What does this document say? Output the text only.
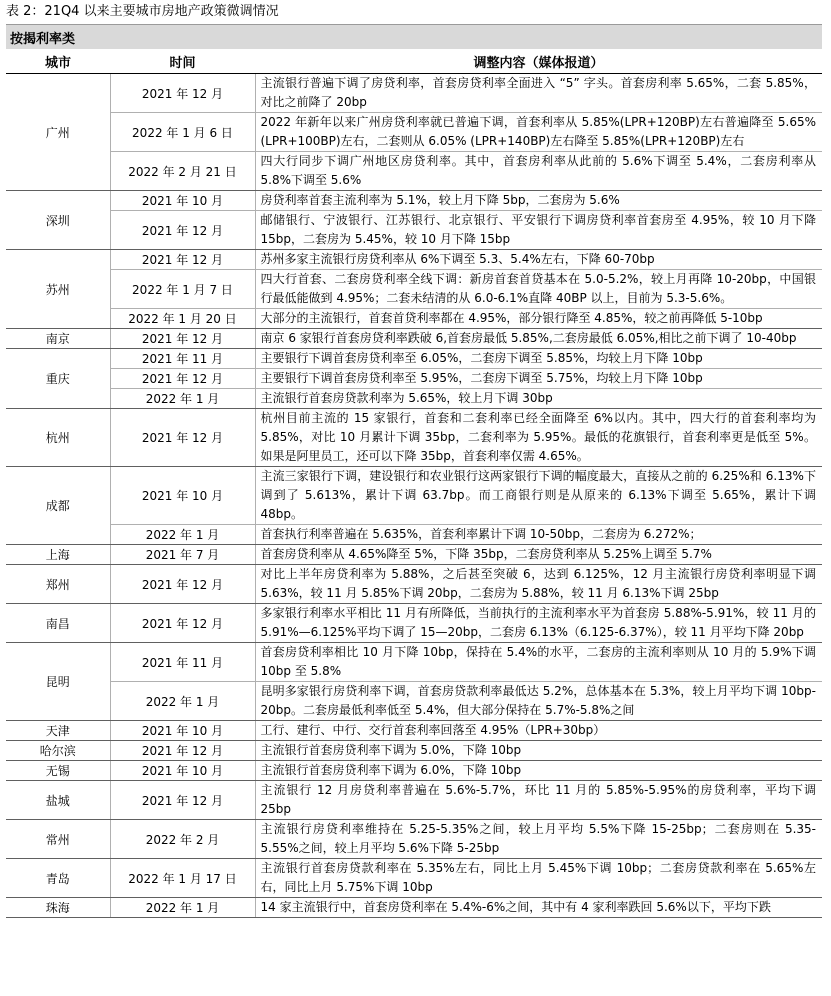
表 2：21Q4 以来主要城市房地产政策微调情况
按揭利率类		
城市	时间	调整内容（媒体报道）
广州	2021 年 12 月	主流银行普遍下调了房贷利率，首套房贷利率全面进入 “5” 字头。首套房利率 5.65%，二套 5.85%，对比之前降了 20bp
	2022 年 1 月 6 日	2022 年新年以来广州房贷利率就已普遍下调，首套利率从 5.85%(LPR+120BP)左右普遍降至 5.65%(LPR+100BP)左右，二套则从 6.05% (LPR+140BP)左右降至 5.85%(LPR+120BP)左右
	2022 年 2 月 21 日	四大行同步下调广州地区房贷利率。其中，首套房利率从此前的 5.6%下调至 5.4%，二套房利率从 5.8%下调至 5.6%
深圳	2021 年 10 月	房贷利率首套主流利率为 5.1%，较上月下降 5bp，二套房为 5.6%
	2021 年 12 月	邮储银行、宁波银行、江苏银行、北京银行、平安银行下调房贷利率首套房至 4.95%，较 10 月下降 15bp，二套房为 5.45%，较 10 月下降 15bp
苏州	2021 年 12 月	苏州多家主流银行房贷利率从 6%下调至 5.3、5.4%左右，下降 60-70bp
	2022 年 1 月 7 日	四大行首套、二套房贷利率全线下调：新房首套首贷基本在 5.0-5.2%，较上月再降 10-20bp，中国银行最低能做到 4.95%；二套未结清的从 6.0-6.1%直降 40BP 以上，目前为 5.3-5.6%。
	2022 年 1 月 20 日	大部分的主流银行，首套首贷利率都在 4.95%，部分银行降至 4.85%，较之前再降低 5-10bp
南京	2021 年 12 月	南京 6 家银行首套房贷利率跌破 6,首套房最低 5.85%,二套房最低 6.05%,相比之前下调了 10-40bp
重庆	2021 年 11 月	主要银行下调首套房贷利率至 6.05%，二套房下调至 5.85%，均较上月下降 10bp
	2021 年 12 月	主要银行下调首套房贷利率至 5.95%，二套房下调至 5.75%，均较上月下降 10bp
	2022 年 1 月	主流银行首套房贷款利率为 5.65%，较上月下调 30bp
杭州	2021 年 12 月	杭州目前主流的 15 家银行，首套和二套利率已经全面降至 6%以内。其中，四大行的首套利率均为 5.85%，对比 10 月累计下调 35bp，二套利率为 5.95%。最低的花旗银行，首套利率更是低至 5%。如果是阿里员工，还可以下降 35bp，首套利率仅需 4.65%。
成都	2021 年 10 月	主流三家银行下调，建设银行和农业银行这两家银行下调的幅度最大，直接从之前的 6.25%和 6.13%下调到了 5.613%，累计下调 63.7bp。而工商银行则是从原来的 6.13%下调至 5.65%，累计下调 48bp。
	2022 年 1 月	首套执行利率普遍在 5.635%，首套利率累计下调 10-50bp，二套房为 6.272%；
上海	2021 年 7 月	首套房贷利率从 4.65%降至 5%，下降 35bp，二套房贷利率从 5.25%上调至 5.7%
郑州	2021 年 12 月	对比上半年房贷利率为 5.88%，之后甚至突破 6，达到 6.125%，12 月主流银行房贷利率明显下调 5.63%，较 11 月 5.85%下调 20bp，二套房为 5.88%，较 11 月 6.13%下调 25bp
南昌	2021 年 12 月	多家银行利率水平相比 11 月有所降低，当前执行的主流利率水平为首套房 5.88%-5.91%，较 11 月的 5.91%—6.125%平均下调了 15—20bp，二套房 6.13%（6.125-6.37%），较 11 月平均下降 20bp
昆明	2021 年 11 月	首套房贷利率相比 10 月下降 10bp，保持在 5.4%的水平，二套房的主流利率则从 10 月的 5.9%下调 10bp 至 5.8%
	2022 年 1 月	昆明多家银行房贷利率下调，首套房贷款利率最低达 5.2%，总体基本在 5.3%，较上月平均下调 10bp-20bp。二套房最低利率低至 5.4%，但大部分保持在 5.7%-5.8%之间
天津	2021 年 10 月	工行、建行、中行、交行首套利率回落至 4.95%（LPR+30bp）
哈尔滨	2021 年 12 月	主流银行首套房贷利率下调为 5.0%，下降 10bp
无锡	2021 年 10 月	主流银行首套房贷利率下调为 6.0%，下降 10bp
盐城	2021 年 12 月	主流银行 12 月房贷利率普遍在 5.6%-5.7%，环比 11 月的 5.85%-5.95%的房贷利率，平均下调 25bp
常州	2022 年 2 月	主流银行房贷利率维持在 5.25-5.35%之间，较上月平均 5.5%下降 15-25bp；二套房则在 5.35-5.55%之间，较上月平均 5.6%下降 5-25bp
青岛	2022 年 1 月 17 日	主流银行首套房贷款利率在 5.35%左右，同比上月 5.45%下调 10bp；二套房贷款利率在 5.65%左右，同比上月 5.75%下调 10bp
珠海	2022 年 1 月	14 家主流银行中，首套房贷利率在 5.4%-6%之间，其中有 4 家利率跌回 5.6%以下，平均下跌
